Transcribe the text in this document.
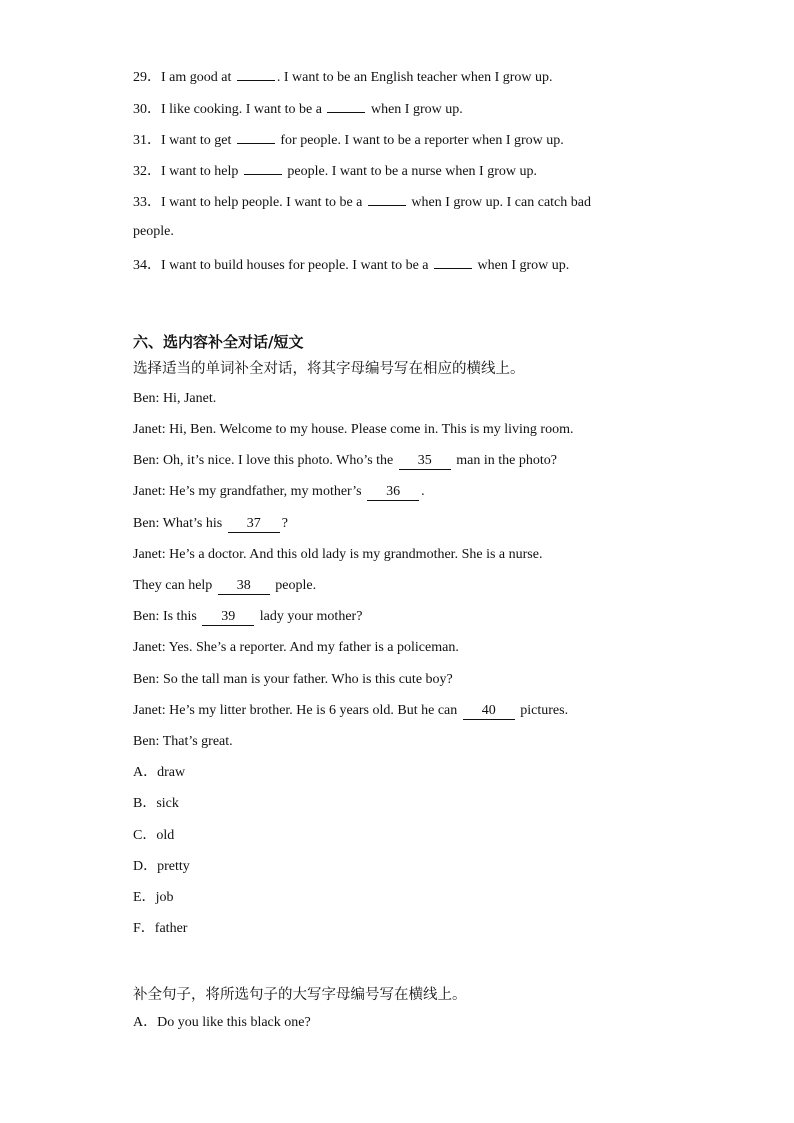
29．I am good at	. I want to be an English teacher when I grow up.
30．I like cooking. I want to be a	when I grow up.
31．I want to get	for people. I want to be a reporter when I grow up.
32．I want to help	people. I want to be a nurse when I grow up.
33．I want to help people. I want to be a	when I grow up. I can catch bad
people.
34．I want to build houses for people. I want to be a	when I grow up.
六、选内容补全对话/短文
选择适当的单词补全对话，将其字母编号写在相应的横线上。
Ben: Hi, Janet.
Janet: Hi, Ben. Welcome to my house. Please come in. This is my living room.
Ben: Oh, it’s nice. I love this photo. Who’s the 35 man in the photo?
Janet: He’s my grandfather, my mother’s 36 .
Ben: What’s his 37 ?
Janet: He’s a doctor. And this old lady is my grandmother. She is a nurse.
They can help 38 people.
Ben: Is this 39 lady your mother?
Janet: Yes. She’s a reporter. And my father is a policeman.
Ben: So the tall man is your father. Who is this cute boy?
Janet: He’s my litter brother. He is 6 years old. But he can 40 pictures.
Ben: That’s great.
A．draw
B．sick
C．old
D．pretty
E．job
F．father
补全句子，将所选句子的大写字母编号写在横线上。
A．Do you like this black one?
